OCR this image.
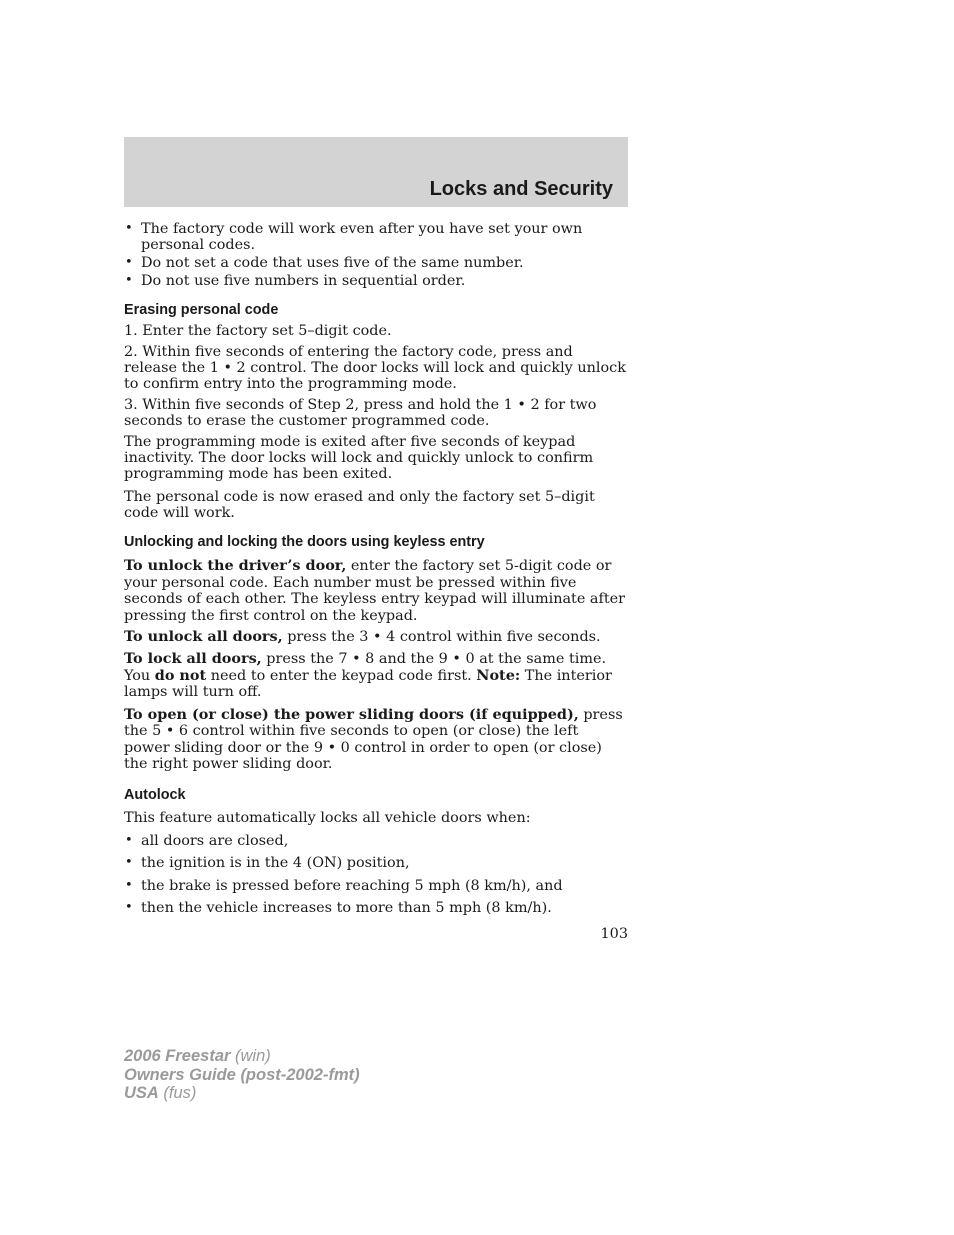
Locks and Security
• The factory code will work even after you have set your own personal codes.
• Do not set a code that uses five of the same number.
• Do not use five numbers in sequential order.
Erasing personal code

1. Enter the factory set 5–digit code.

2. Within five seconds of entering the factory code, press and release the 1 • 2 control. The door locks will lock and quickly unlock to confirm entry into the programming mode.

3. Within five seconds of Step 2, press and hold the 1 • 2 for two seconds to erase the customer programmed code.

The programming mode is exited after five seconds of keypad inactivity. The door locks will lock and quickly unlock to confirm programming mode has been exited.

The personal code is now erased and only the factory set 5–digit code will work.

Unlocking and locking the doors using keyless entry

To unlock the driver’s door, enter the factory set 5-digit code or your personal code. Each number must be pressed within five seconds of each other. The keyless entry keypad will illuminate after pressing the first control on the keypad.

To unlock all doors, press the 3 • 4 control within five seconds.

To lock all doors, press the 7 • 8 and the 9 • 0 at the same time. You do not need to enter the keypad code first. Note: The interior lamps will turn off.

To open (or close) the power sliding doors (if equipped), press the 5 • 6 control within five seconds to open (or close) the left power sliding door or the 9 • 0 control in order to open (or close) the right power sliding door.

Autolock

This feature automatically locks all vehicle doors when:

• all doors are closed,
• the ignition is in the 4 (ON) position,
• the brake is pressed before reaching 5 mph (8 km/h), and
• then the vehicle increases to more than 5 mph (8 km/h).
103
2006 Freestar (win)
Owners Guide (post-2002-fmt)
USA (fus)
